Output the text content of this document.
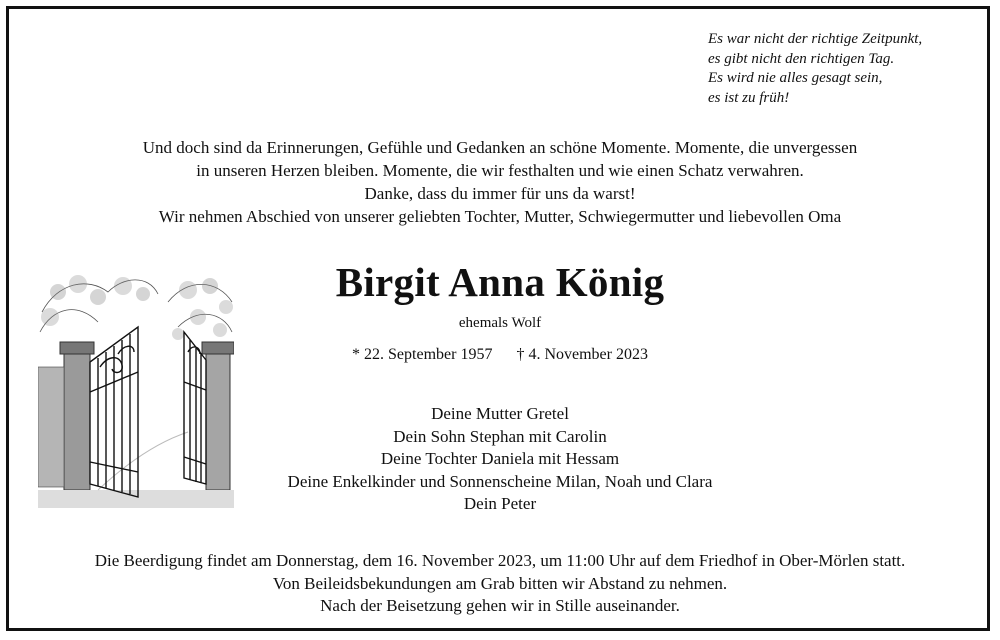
Es war nicht der richtige Zeitpunkt,
es gibt nicht den richtigen Tag.
Es wird nie alles gesagt sein,
es ist zu früh!
Und doch sind da Erinnerungen, Gefühle und Gedanken an schöne Momente. Momente, die unvergessen
in unseren Herzen bleiben. Momente, die wir festhalten und wie einen Schatz verwahren.
Danke, dass du immer für uns da warst!
Wir nehmen Abschied von unserer geliebten Tochter, Mutter, Schwiegermutter und liebevollen Oma
Birgit Anna König
ehemals Wolf
* 22. September 1957 † 4. November 2023
Deine Mutter Gretel
Dein Sohn Stephan mit Carolin
Deine Tochter Daniela mit Hessam
Deine Enkelkinder und Sonnenscheine Milan, Noah und Clara
Dein Peter
Die Beerdigung findet am Donnerstag, dem 16. November 2023, um 11:00 Uhr auf dem Friedhof in Ober-Mörlen statt.
Von Beileidsbekundungen am Grab bitten wir Abstand zu nehmen.
Nach der Beisetzung gehen wir in Stille auseinander.
